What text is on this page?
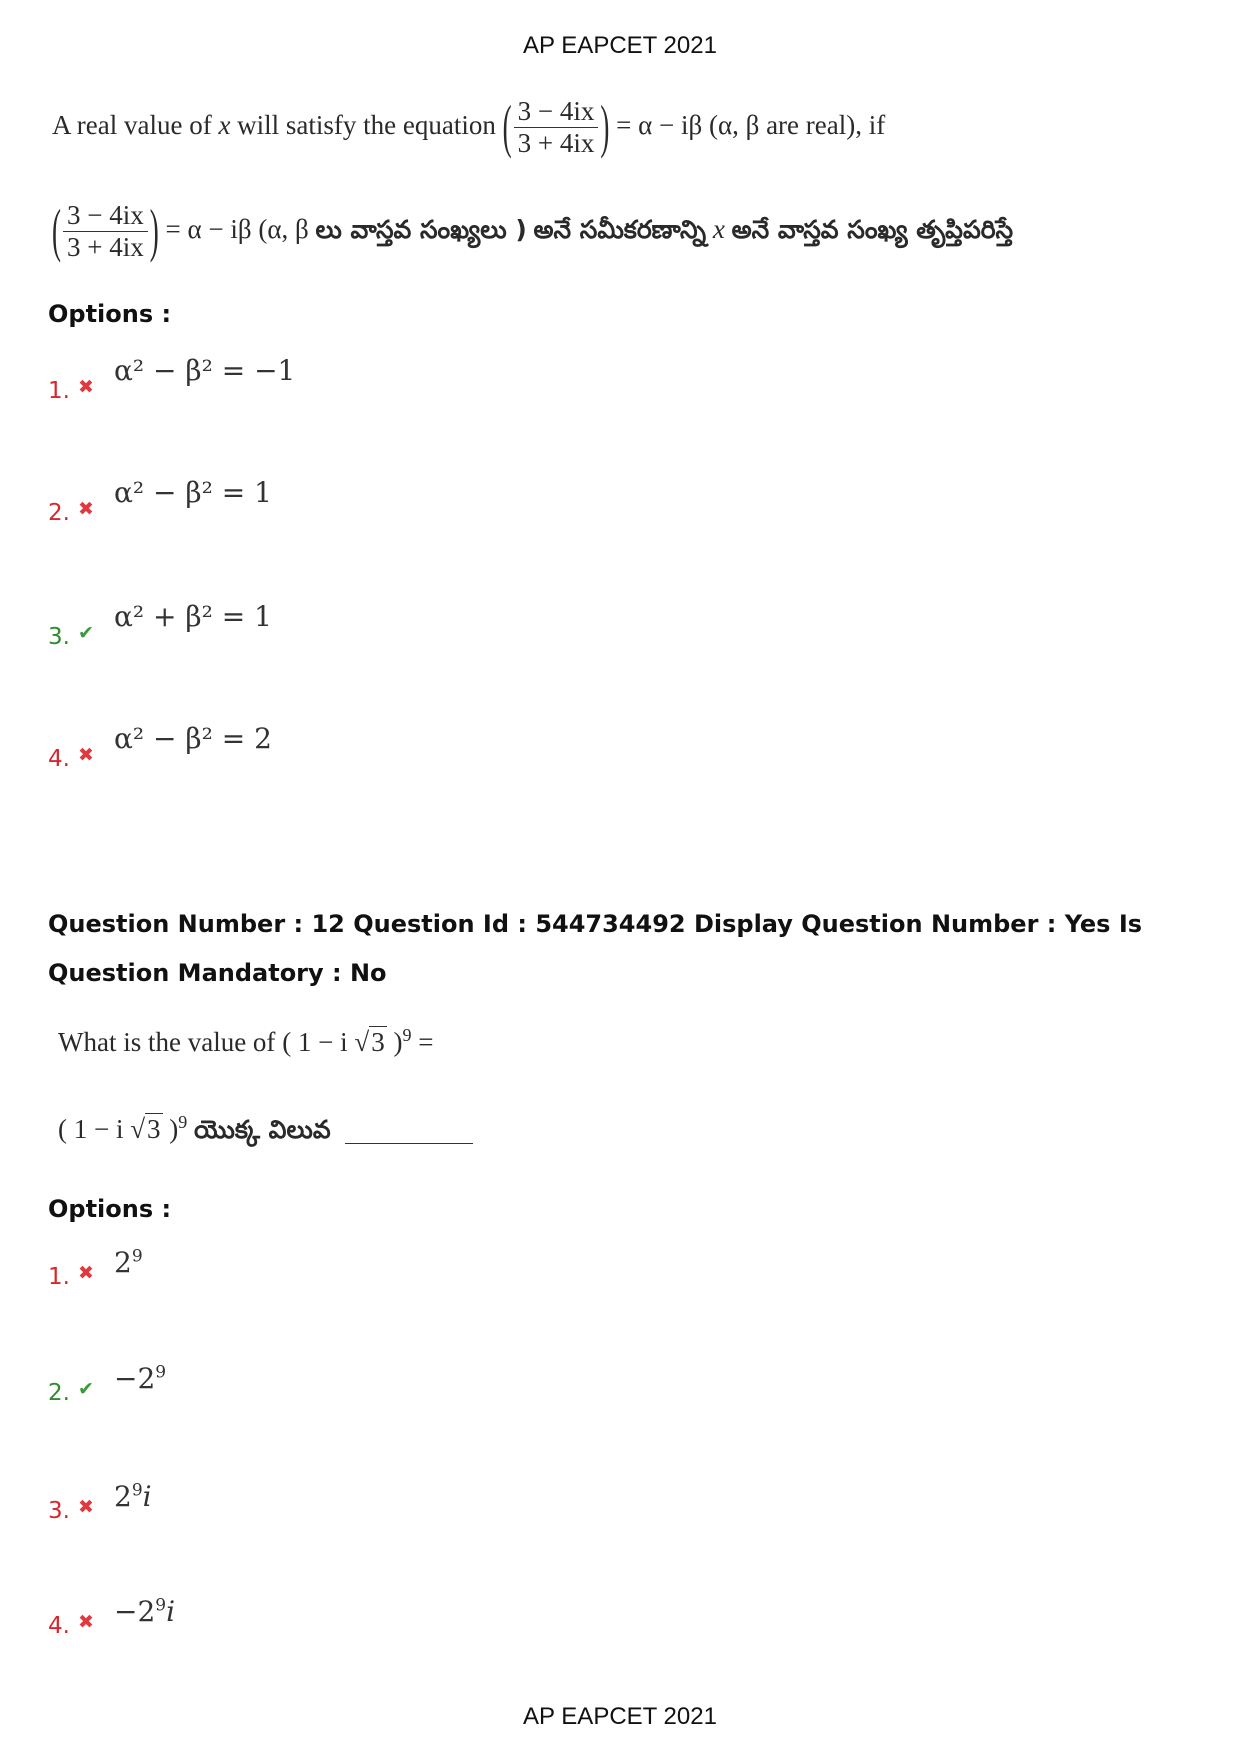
AP EAPCET 2021
A real value of x will satisfy the equation ( $\frac{3 - 4ix}{3 + 4ix}$ ) = α − iβ (α, β are real), if
( $\frac{3 - 4ix}{3 + 4ix}$ ) = α − iβ (α, β లు వాస్తవ సంఖ్యలు ) అనే సమీకరణాన్ని x అనే వాస్తవ సంఖ్య తృప్తిపరిస్తే
Options :
1. ✖ α² − β² = −1
2. ✖ α² − β² = 1
3. ✔ α² + β² = 1
4. ✖ α² − β² = 2
Question Number : 12 Question Id : 544734492 Display Question Number : Yes Is Question Mandatory : No
What is the value of ( 1 − i √3 )$^9$ =
( 1 − i √3 )$^9$ యొక్క విలువ
Options :
1. ✖ $2^9$
2. ✔ $-2^9$
3. ✖ $2^9i$
4. ✖ $-2^9i$
AP EAPCET 2021
